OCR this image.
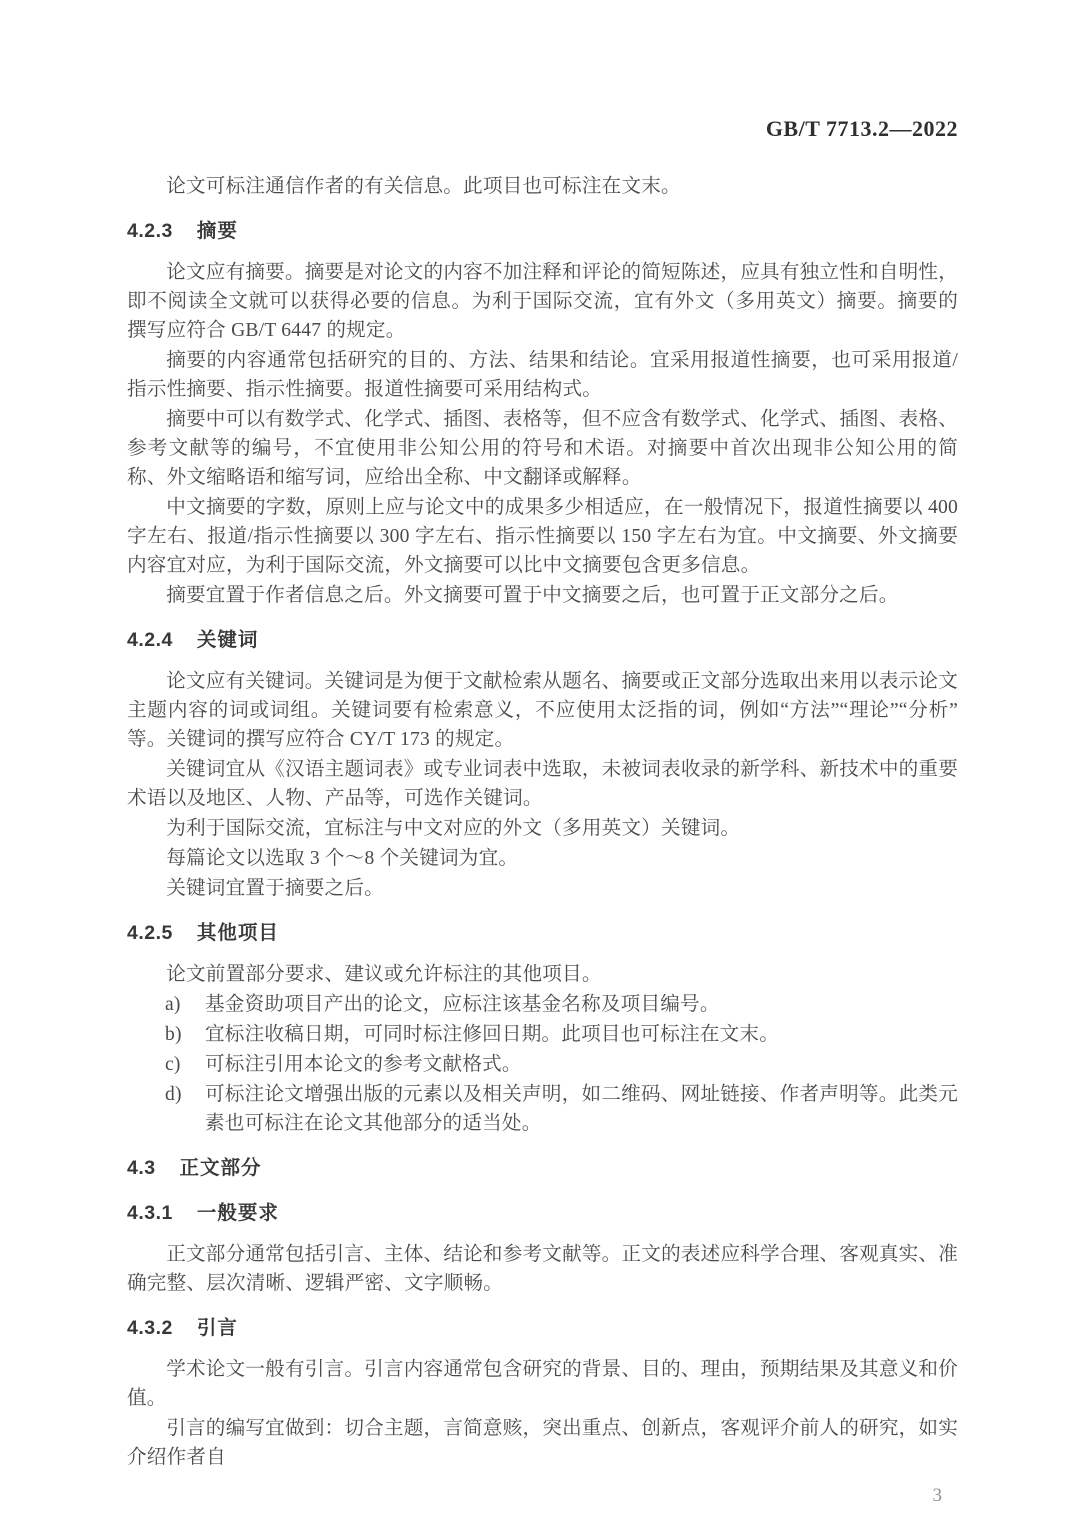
GB/T 7713.2—2022

论文可标注通信作者的有关信息。此项目也可标注在文末。

4.2.3 摘要

论文应有摘要。摘要是对论文的内容不加注释和评论的简短陈述，应具有独立性和自明性，即不阅读全文就可以获得必要的信息。为利于国际交流，宜有外文（多用英文）摘要。摘要的撰写应符合 GB/T 6447 的规定。

摘要的内容通常包括研究的目的、方法、结果和结论。宜采用报道性摘要，也可采用报道/指示性摘要、指示性摘要。报道性摘要可采用结构式。

摘要中可以有数学式、化学式、插图、表格等，但不应含有数学式、化学式、插图、表格、参考文献等的编号，不宜使用非公知公用的符号和术语。对摘要中首次出现非公知公用的简称、外文缩略语和缩写词，应给出全称、中文翻译或解释。

中文摘要的字数，原则上应与论文中的成果多少相适应，在一般情况下，报道性摘要以 400 字左右、报道/指示性摘要以 300 字左右、指示性摘要以 150 字左右为宜。中文摘要、外文摘要内容宜对应，为利于国际交流，外文摘要可以比中文摘要包含更多信息。

摘要宜置于作者信息之后。外文摘要可置于中文摘要之后，也可置于正文部分之后。

4.2.4 关键词

论文应有关键词。关键词是为便于文献检索从题名、摘要或正文部分选取出来用以表示论文主题内容的词或词组。关键词要有检索意义，不应使用太泛指的词，例如“方法”“理论”“分析”等。关键词的撰写应符合 CY/T 173 的规定。

关键词宜从《汉语主题词表》或专业词表中选取，未被词表收录的新学科、新技术中的重要术语以及地区、人物、产品等，可选作关键词。

为利于国际交流，宜标注与中文对应的外文（多用英文）关键词。

每篇论文以选取 3 个～8 个关键词为宜。

关键词宜置于摘要之后。

4.2.5 其他项目

论文前置部分要求、建议或允许标注的其他项目。

a)	基金资助项目产出的论文，应标注该基金名称及项目编号。
b)	宜标注收稿日期，可同时标注修回日期。此项目也可标注在文末。
c)	可标注引用本论文的参考文献格式。
d)	可标注论文增强出版的元素以及相关声明，如二维码、网址链接、作者声明等。此类元素也可标注在论文其他部分的适当处。
4.3 正文部分
4.3.1 一般要求

正文部分通常包括引言、主体、结论和参考文献等。正文的表述应科学合理、客观真实、准确完整、层次清晰、逻辑严密、文字顺畅。

4.3.2 引言

学术论文一般有引言。引言内容通常包含研究的背景、目的、理由，预期结果及其意义和价值。

引言的编写宜做到：切合主题，言简意赅，突出重点、创新点，客观评介前人的研究，如实介绍作者自

3
